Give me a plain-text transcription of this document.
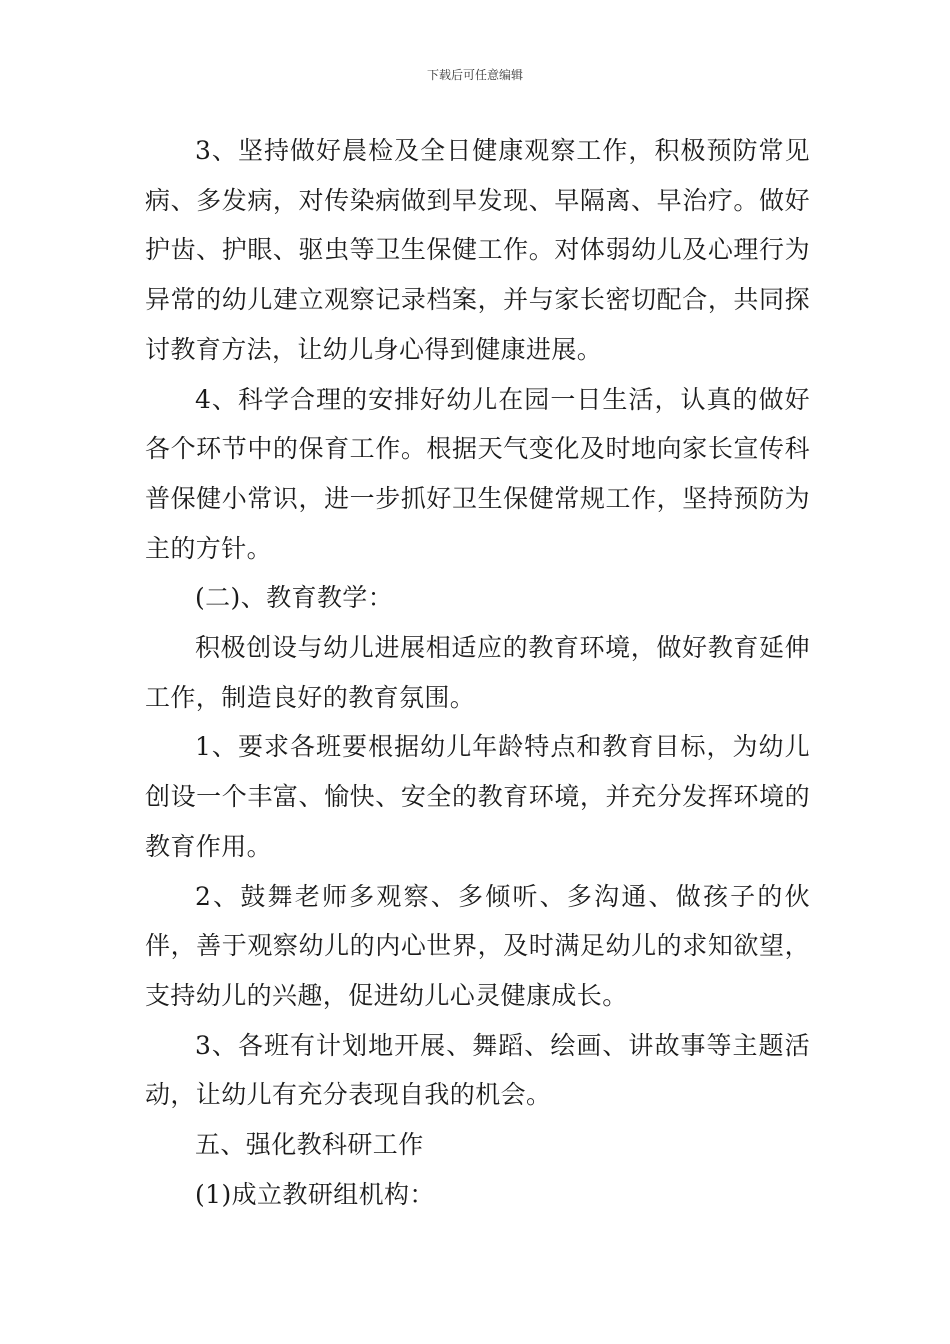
下载后可任意编辑

3、坚持做好晨检及全日健康观察工作，积极预防常见病、多发病，对传染病做到早发现、早隔离、早治疗。做好护齿、护眼、驱虫等卫生保健工作。对体弱幼儿及心理行为异常的幼儿建立观察记录档案，并与家长密切配合，共同探讨教育方法，让幼儿身心得到健康进展。

4、科学合理的安排好幼儿在园一日生活，认真的做好各个环节中的保育工作。根据天气变化及时地向家长宣传科普保健小常识，进一步抓好卫生保健常规工作，坚持预防为主的方针。

(二)、教育教学：

积极创设与幼儿进展相适应的教育环境，做好教育延伸工作，制造良好的教育氛围。

1、要求各班要根据幼儿年龄特点和教育目标，为幼儿创设一个丰富、愉快、安全的教育环境，并充分发挥环境的教育作用。

2、鼓舞老师多观察、多倾听、多沟通、做孩子的伙伴，善于观察幼儿的内心世界，及时满足幼儿的求知欲望，支持幼儿的兴趣，促进幼儿心灵健康成长。

3、各班有计划地开展、舞蹈、绘画、讲故事等主题活动，让幼儿有充分表现自我的机会。

五、强化教科研工作

(1)成立教研组机构：
